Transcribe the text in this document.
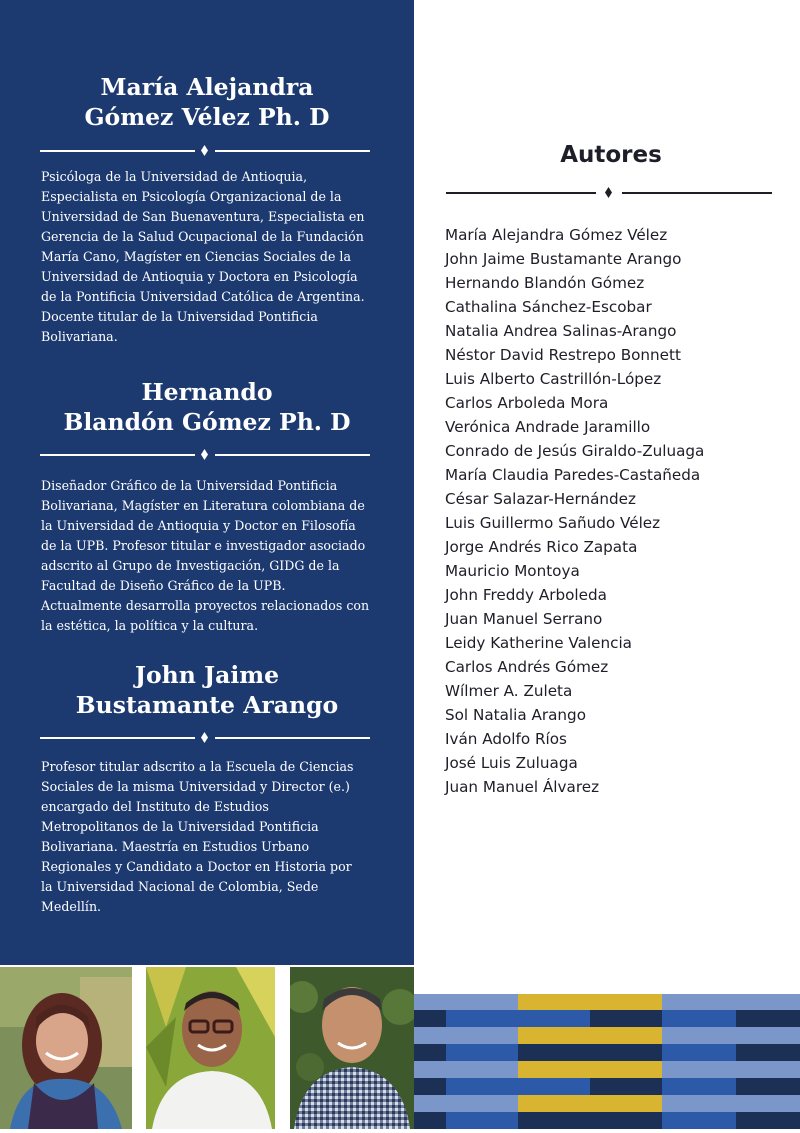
María Alejandra
Gómez Vélez Ph. D
Psicóloga de la Universidad de Antioquia,
Especialista en Psicología Organizacional de la
Universidad de San Buenaventura, Especialista en
Gerencia de la Salud Ocupacional de la Fundación
María Cano, Magíster en Ciencias Sociales de la
Universidad de Antioquia y Doctora en Psicología
de la Pontificia Universidad Católica de Argentina.
Docente titular de la Universidad Pontificia
Bolivariana.
Hernando
Blandón Gómez Ph. D
Diseñador Gráfico de la Universidad Pontificia
Bolivariana, Magíster en Literatura colombiana de
la Universidad de Antioquia y Doctor en Filosofía
de la UPB. Profesor titular e investigador asociado
adscrito al Grupo de Investigación, GIDG de la
Facultad de Diseño Gráfico de la UPB.
Actualmente desarrolla proyectos relacionados con
la estética, la política y la cultura.
John Jaime
Bustamante Arango
Profesor titular adscrito a la Escuela de Ciencias
Sociales de la misma Universidad y Director (e.)
encargado del Instituto de Estudios
Metropolitanos de la Universidad Pontificia
Bolivariana. Maestría en Estudios Urbano
Regionales y Candidato a Doctor en Historia por
la Universidad Nacional de Colombia, Sede
Medellín.
Autores
María Alejandra Gómez Vélez
John Jaime Bustamante Arango
Hernando Blandón Gómez
Cathalina Sánchez-Escobar
Natalia Andrea Salinas-Arango
Néstor David Restrepo Bonnett
Luis Alberto Castrillón-López
Carlos Arboleda Mora
Verónica Andrade Jaramillo
Conrado de Jesús Giraldo-Zuluaga
María Claudia Paredes-Castañeda
César Salazar-Hernández
Luis Guillermo Sañudo Vélez
Jorge Andrés Rico Zapata
Mauricio Montoya
John Freddy Arboleda
Juan Manuel Serrano
Leidy Katherine Valencia
Carlos Andrés Gómez
Wílmer A. Zuleta
Sol Natalia Arango
Iván Adolfo Ríos
José Luis Zuluaga
Juan Manuel Álvarez
